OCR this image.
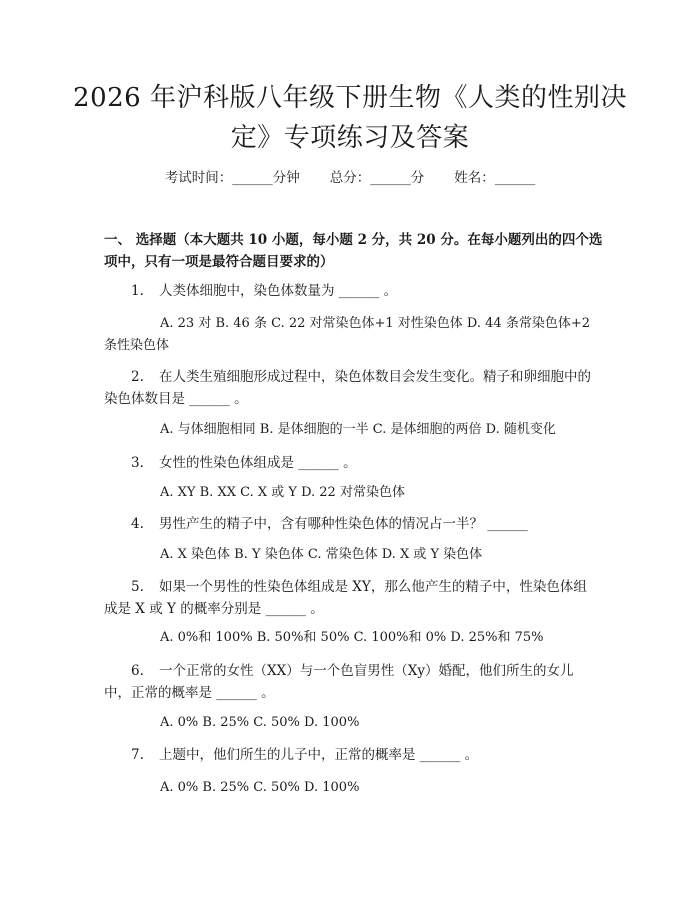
2026 年沪科版八年级下册生物《人类的性别决定》专项练习及答案
考试时间：______分钟 总分：______分 姓名：______

一、 选择题（本大题共 10 小题，每小题 2 分，共 20 分。在每小题列出的四个选项中，只有一项是最符合题目要求的）

1. 人类体细胞中，染色体数量为 ______ 。

A. 23 对 B. 46 条 C. 22 对常染色体+1 对性染色体 D. 44 条常染色体+2 条性染色体

2. 在人类生殖细胞形成过程中，染色体数目会发生变化。精子和卵细胞中的染色体数目是 ______ 。

A. 与体细胞相同 B. 是体细胞的一半 C. 是体细胞的两倍 D. 随机变化

3. 女性的性染色体组成是 ______ 。

A. XY B. XX C. X 或 Y D. 22 对常染色体

4. 男性产生的精子中，含有哪种性染色体的情况占一半？ ______

A. X 染色体 B. Y 染色体 C. 常染色体 D. X 或 Y 染色体

5. 如果一个男性的性染色体组成是 XY，那么他产生的精子中，性染色体组成是 X 或 Y 的概率分别是 ______ 。

A. 0%和 100% B. 50%和 50% C. 100%和 0% D. 25%和 75%

6. 一个正常的女性（XX）与一个色盲男性（Xy）婚配，他们所生的女儿中，正常的概率是 ______ 。

A. 0% B. 25% C. 50% D. 100%

7. 上题中，他们所生的儿子中，正常的概率是 ______ 。

A. 0% B. 25% C. 50% D. 100%
